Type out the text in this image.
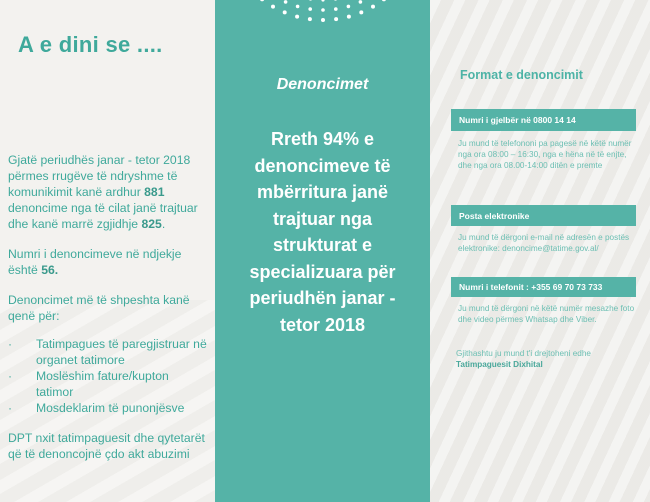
A e dini se ....

Gjatë periudhës janar - tetor 2018 përmes rrugëve të ndryshme të komunikimit kanë ardhur 881 denoncime nga të cilat janë trajtuar dhe kanë marrë zgjidhje 825.

Numri i denoncimeve në ndjekje është 56.

Denoncimet më të shpeshta kanë qenë për:

·	Tatimpagues të paregjistruar në organet tatimore
·	Moslëshim fature/kupton tatimor
·	Mosdeklarim të punonjësve

DPT nxit tatimpaguesit dhe qytetarët që të denoncojnë çdo akt abuzimi

Denoncimet
Rreth 94% e denoncimeve të mbërritura janë trajtuar nga strukturat e specializuara për periudhën janar - tetor 2018
Format e denoncimit
Numri i gjelbër në 0800 14 14
Ju mund të telefononi pa pagesë në këtë numër nga ora 08:00 – 16:30, nga e hëna në të enjte, dhe nga ora 08.00-14:00 ditën e premte
Posta elektronike
Ju mund të dërgoni e-mail në adresën e postës elektronike: denoncime@tatime.gov.al/
Numri i telefonit : +355 69 70 73 733
Ju mund të dërgoni në këtë numër mesazhe foto dhe video përmes Whatsap dhe Viber.
Gjithashtu ju mund t'i drejtoheni edhe Tatimpaguesit Dixhital
